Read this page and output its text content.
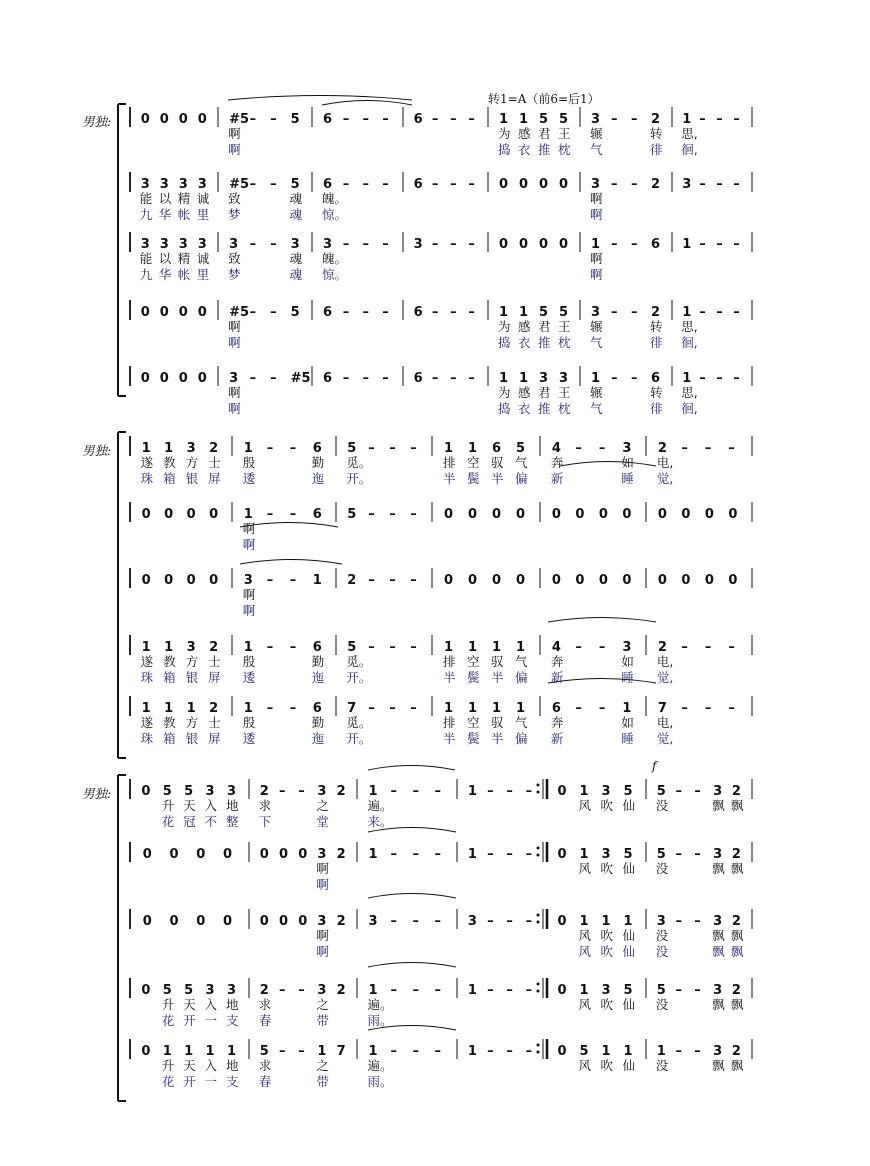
转1=A（前6=后1）
f
男独: 0 0 0 0 #5 – – 5
啊
啊
6 – – – 6 – – – 1 1 5 5
为 感 君 王
捣 衣 推 枕
3 – – 2
辗	转
气	徘
1 – – –
思,
徊,
3 3 3 3
能 以 精 诚
九 华 帐 里
#5 – – 5
致	魂
梦	魂
6 – – –
魄。
惊。
6 – – – 0 0 0 0 3 – – 2
啊
啊
3 – – –
3 3 3 3
能 以 精 诚
九 华 帐 里
3 – – 3
致	魂
梦	魂
3 – – –
魄。
惊。
3 – – – 0 0 0 0 1 – – 6
啊
啊
1 – – –
0 0 0 0 #5 – – 5
啊
啊
6 – – – 6 – – – 1 1 5 5
为 感 君 王
捣 衣 推 枕
3 – – 2
辗	转
气	徘
1 – – –
思,
徊,
0 0 0 0 3 – – #5
啊
啊
6 – – – 6 – – – 1 1 3 3
为 感 君 王
捣 衣 推 枕
1 – – 6
辗	转
气	徘
1 – – –
思,
徊,
男独: 1 1 3 2
遂 教 方 士
珠 箱 银 屏
1 – – 6
殷	勤
逶	迤
5 – – –
觅。
开。
1 1 6 5
排 空 驭 气
半 鬓 半 偏
4 – – 3
奔	如
新	睡
2 – – –
电,
觉,
0 0 0 0 1 – – 6
啊
啊
5 – – – 0 0 0 0 0 0 0 0 0 0 0 0
0 0 0 0 3 – – 1
啊
啊
2 – – – 0 0 0 0 0 0 0 0 0 0 0 0
1 1 3 2
遂 教 方 士
珠 箱 银 屏
1 – – 6
殷	勤
逶	迤
5 – – –
觅。
开。
1 1 1 1
排 空 驭 气
半 鬓 半 偏
4 – – 3
奔	如
新	睡
2 – – –
电,
觉,
1 1 1 2
遂 教 方 士
珠 箱 银 屏
1 – – 6
殷	勤
逶	迤
7 – – –
觅。
开。
1 1 1 1
排 空 驭 气
半 鬓 半 偏
6 – – 1
奔	如
新	睡
7 – – –
电,
觉,
男独: 0 5 5 3 3
升 天 入 地
花 冠 不 整
2 – – 3 2
求	之
下	堂
1 – – –
遍。
来。
1 – – – 0 1 3 5
风 吹 仙
5 – – 3 2
没	飘 飘
0 0 0 0 0 0 0 3 2
啊
啊
1 – – – 1 – – – 0 1 3 5
风 吹 仙
5 – – 3 2
没	飘 飘
0 0 0 0 0 0 0 3 2
啊
啊
3 – – – 3 – – – 0 1 1 1
风 吹 仙
风 吹 仙
3 – – 3 2
没	飘 飘
没	飘 飘
0 5 5 3 3
升 天 入 地
花 开 一 支
2 – – 3 2
求	之
春	带
1 – – –
遍。
雨。
1 – – – 0 1 3 5
风 吹 仙
5 – – 3 2
没	飘 飘
0 1 1 1 1
升 天 入 地
花 开 一 支
5 – – 1 7
求	之
春	带
1 – – –
遍。
雨。
1 – – – 0 5 1 1
风 吹 仙
1 – – 3 2
没	飘 飘
